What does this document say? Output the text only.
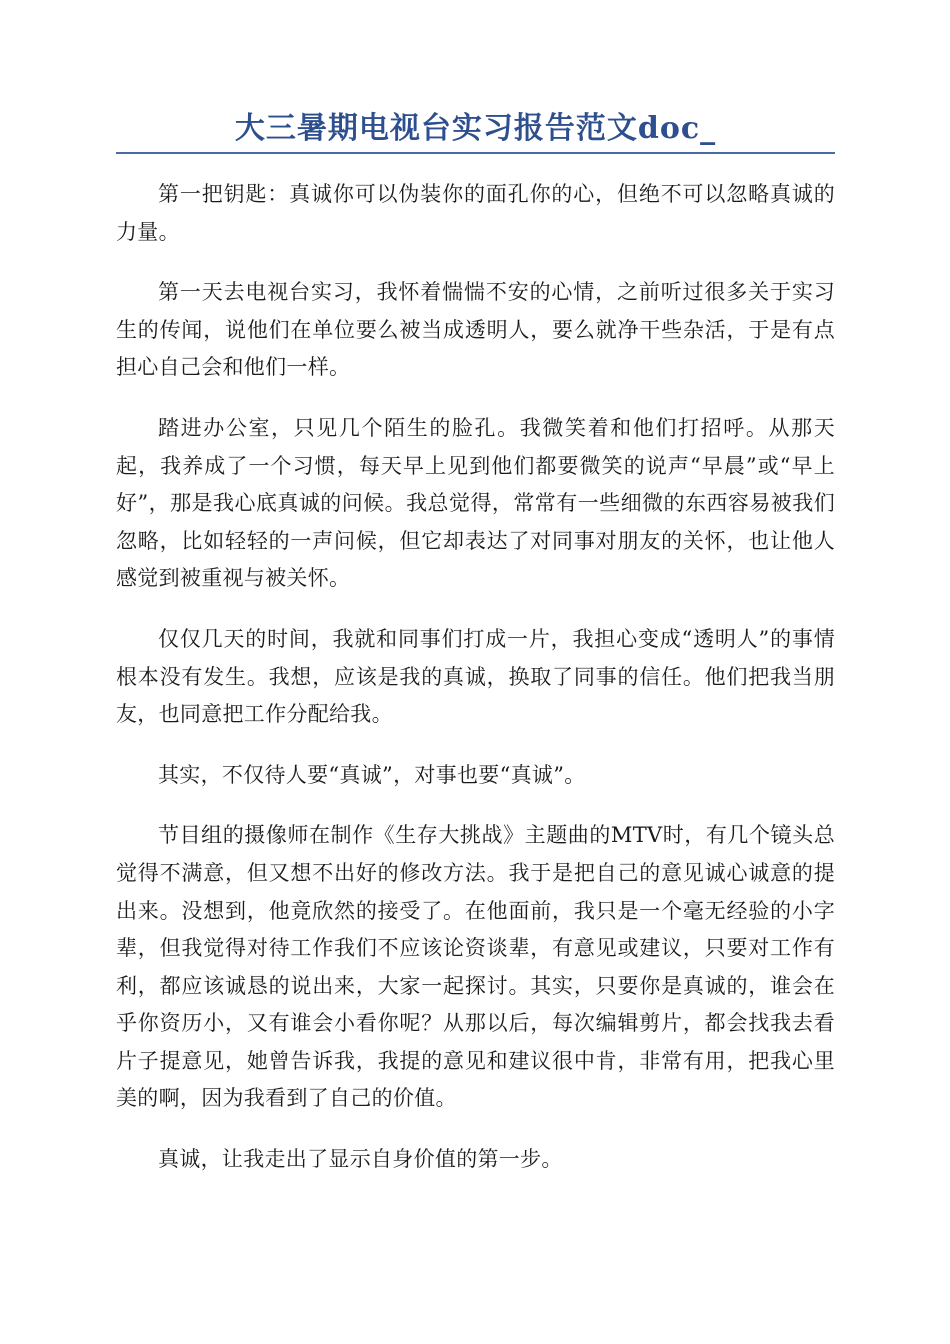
大三暑期电视台实习报告范文doc_

第一把钥匙：真诚你可以伪装你的面孔你的心，但绝不可以忽略真诚的力量。

第一天去电视台实习，我怀着惴惴不安的心情，之前听过很多关于实习生的传闻，说他们在单位要么被当成透明人，要么就净干些杂活，于是有点担心自己会和他们一样。

踏进办公室，只见几个陌生的脸孔。我微笑着和他们打招呼。从那天起，我养成了一个习惯，每天早上见到他们都要微笑的说声“早晨”或“早上好”，那是我心底真诚的问候。我总觉得，常常有一些细微的东西容易被我们忽略，比如轻轻的一声问候，但它却表达了对同事对朋友的关怀，也让他人感觉到被重视与被关怀。

仅仅几天的时间，我就和同事们打成一片，我担心变成“透明人”的事情根本没有发生。我想，应该是我的真诚，换取了同事的信任。他们把我当朋友，也同意把工作分配给我。

其实，不仅待人要“真诚”，对事也要“真诚”。

节目组的摄像师在制作《生存大挑战》主题曲的MTV时，有几个镜头总觉得不满意，但又想不出好的修改方法。我于是把自己的意见诚心诚意的提出来。没想到，他竟欣然的接受了。在他面前，我只是一个毫无经验的小字辈，但我觉得对待工作我们不应该论资谈辈，有意见或建议，只要对工作有利，都应该诚恳的说出来，大家一起探讨。其实，只要你是真诚的，谁会在乎你资历小，又有谁会小看你呢？从那以后，每次编辑剪片，都会找我去看片子提意见，她曾告诉我，我提的意见和建议很中肯，非常有用，把我心里美的啊，因为我看到了自己的价值。

真诚，让我走出了显示自身价值的第一步。
